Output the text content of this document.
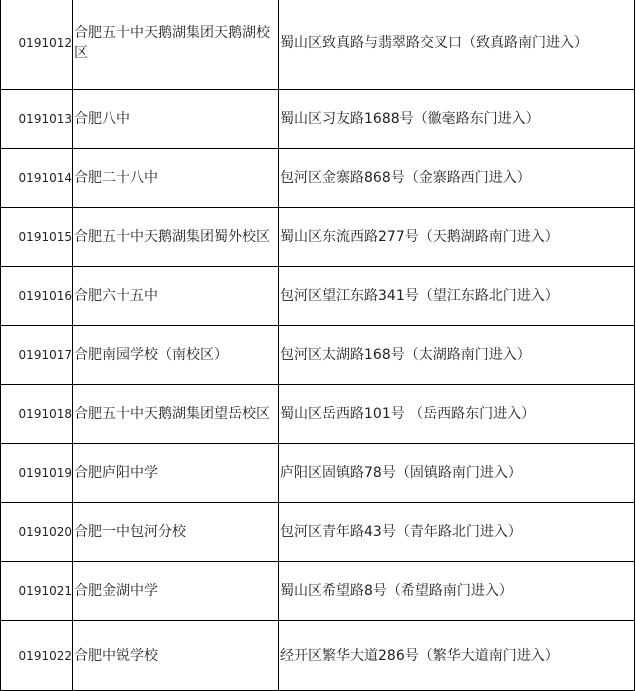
0191012	合肥五十中天鹅湖集团天鹅湖校区	蜀山区致真路与翡翠路交叉口（致真路南门进入）
0191013	合肥八中	蜀山区习友路1688号（徽毫路东门进入）
0191014	合肥二十八中	包河区金寨路868号（金寨路西门进入）
0191015	合肥五十中天鹅湖集团蜀外校区	蜀山区东流西路277号（天鹅湖路南门进入）
0191016	合肥六十五中	包河区望江东路341号（望江东路北门进入）
0191017	合肥南园学校（南校区）	包河区太湖路168号（太湖路南门进入）
0191018	合肥五十中天鹅湖集团望岳校区	蜀山区岳西路101号 （岳西路东门进入）
0191019	合肥庐阳中学	庐阳区固镇路78号（固镇路南门进入）
0191020	合肥一中包河分校	包河区青年路43号（青年路北门进入）
0191021	合肥金湖中学	蜀山区希望路8号（希望路南门进入）
0191022	合肥中锐学校	经开区繁华大道286号（繁华大道南门进入）
